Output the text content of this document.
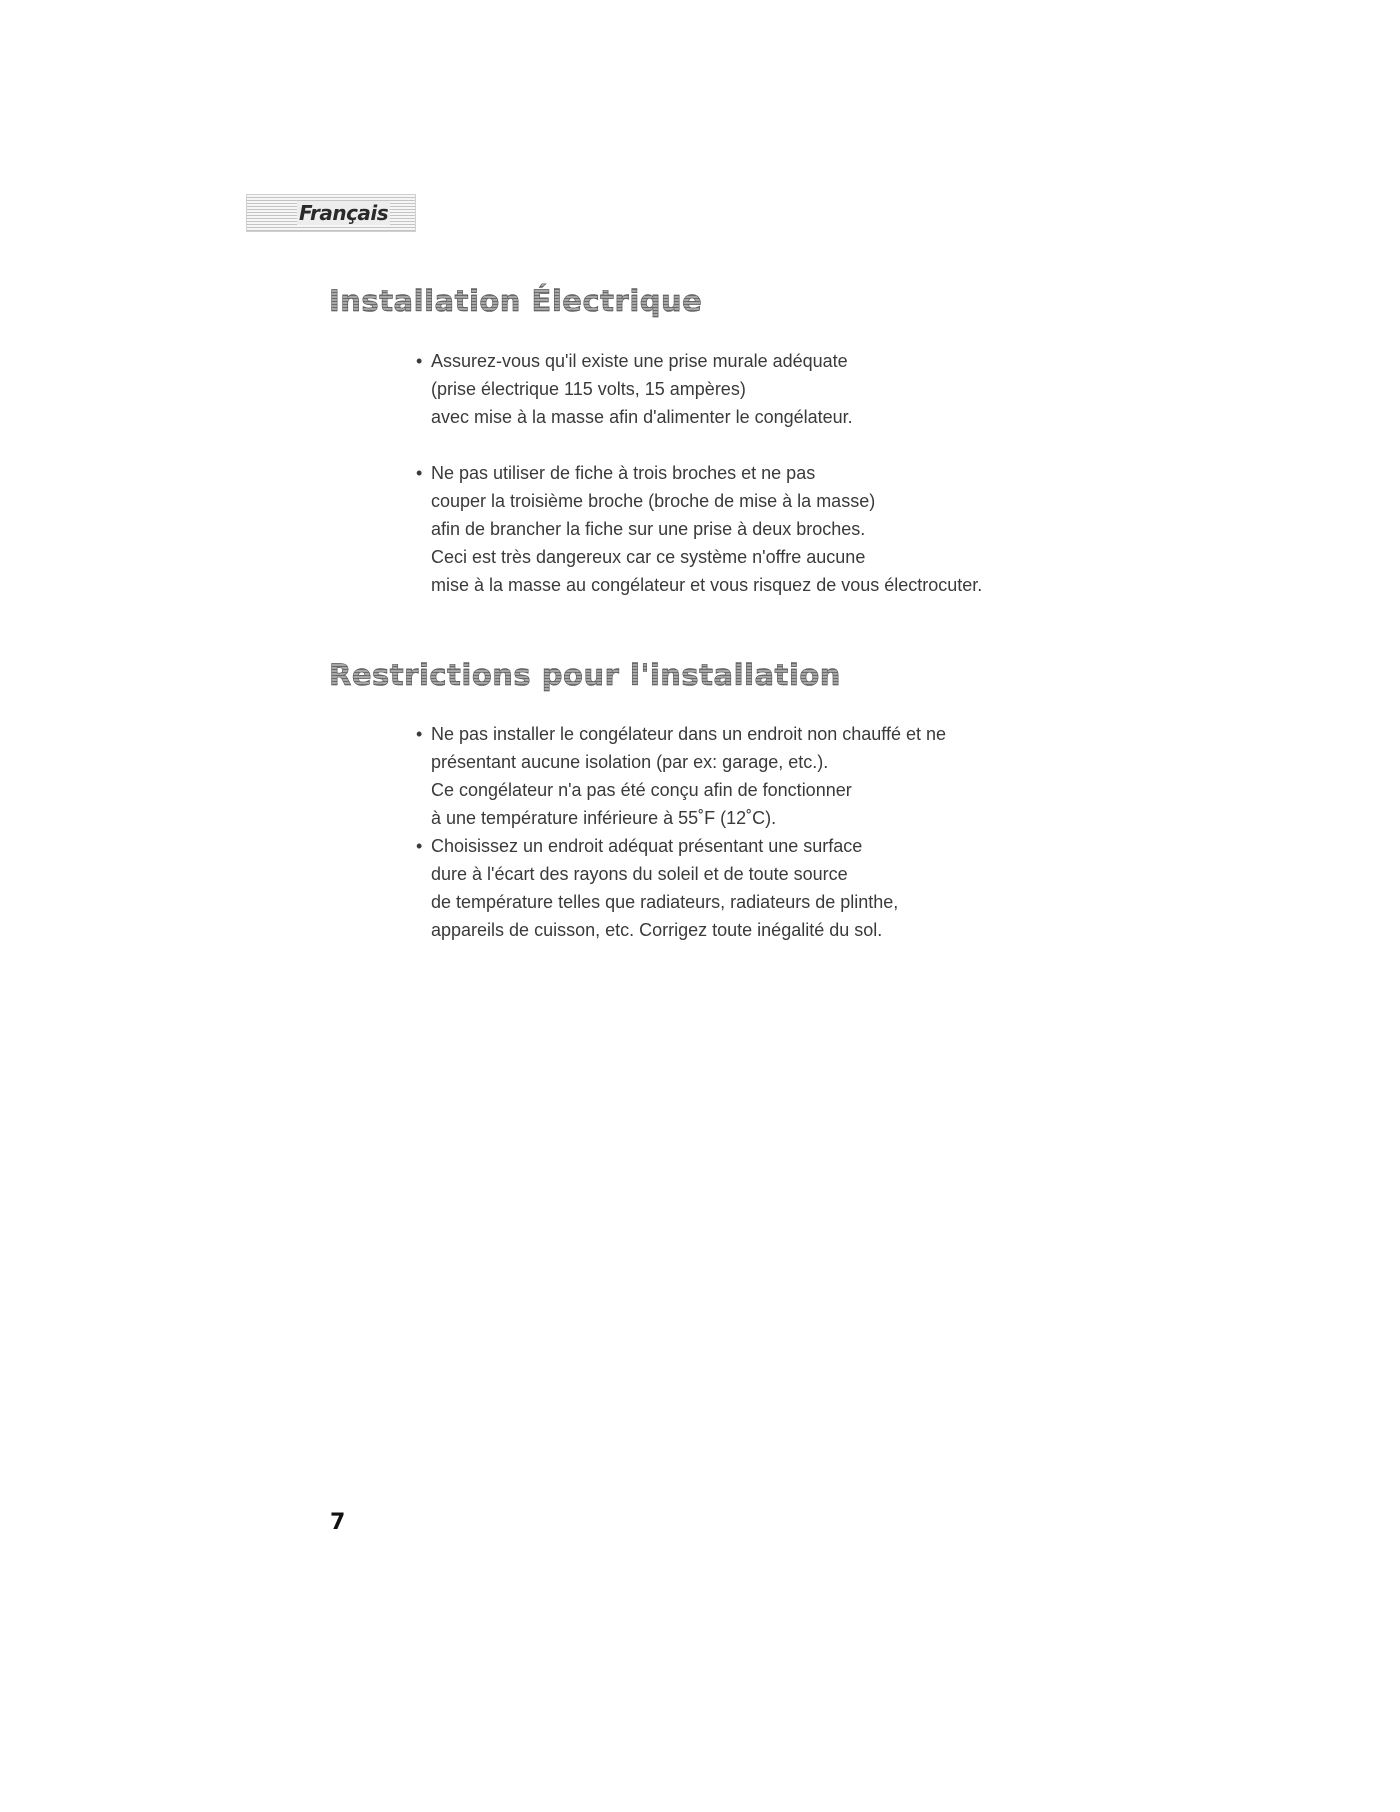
Français
Installation Électrique
• Assurez-vous qu'il existe une prise murale adéquate
(prise électrique 115 volts, 15 ampères)
avec mise à la masse afin d'alimenter le congélateur.
• Ne pas utiliser de fiche à trois broches et ne pas
couper la troisième broche (broche de mise à la masse)
afin de brancher la fiche sur une prise à deux broches.
Ceci est très dangereux car ce système n'offre aucune
mise à la masse au congélateur et vous risquez de vous électrocuter.
Restrictions pour l'installation
• Ne pas installer le congélateur dans un endroit non chauffé et ne
présentant aucune isolation (par ex: garage, etc.).
Ce congélateur n'a pas été conçu afin de fonctionner
à une température inférieure à 55˚F (12˚C).
• Choisissez un endroit adéquat présentant une surface
dure à l'écart des rayons du soleil et de toute source
de température telles que radiateurs, radiateurs de plinthe,
appareils de cuisson, etc. Corrigez toute inégalité du sol.
7
